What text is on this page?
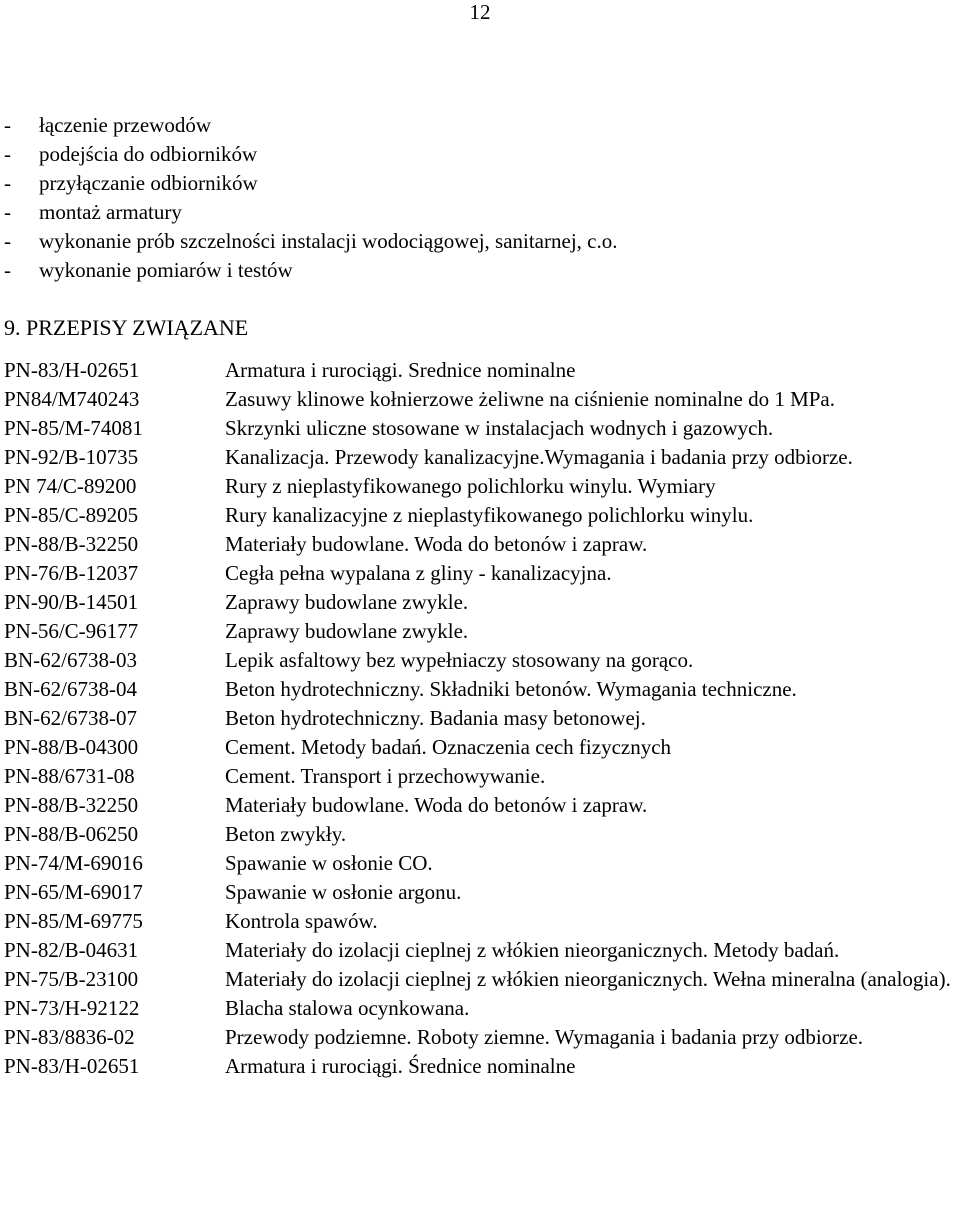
12
- łączenie przewodów
- podejścia do odbiorników
- przyłączanie odbiorników
- montaż armatury
- wykonanie prób szczelności instalacji wodociągowej, sanitarnej, c.o.
- wykonanie pomiarów i testów
9. PRZEPISY ZWIĄZANE
PN-83/H-02651	Armatura i rurociągi. Srednice nominalne
PN84/M740243	Zasuwy klinowe kołnierzowe żeliwne na ciśnienie nominalne do 1 MPa.
PN-85/M-74081	Skrzynki uliczne stosowane w instalacjach wodnych i gazowych.
PN-92/B-10735	Kanalizacja. Przewody kanalizacyjne.Wymagania i badania przy odbiorze.
PN 74/C-89200	Rury z nieplastyfikowanego polichlorku winylu. Wymiary
PN-85/C-89205	Rury kanalizacyjne z nieplastyfikowanego polichlorku winylu.
PN-88/B-32250	Materiały budowlane. Woda do betonów i zapraw.
PN-76/B-12037	Cegła pełna wypalana z gliny - kanalizacyjna.
PN-90/B-14501	Zaprawy budowlane zwykle.
PN-56/C-96177	Zaprawy budowlane zwykle.
BN-62/6738-03	Lepik asfaltowy bez wypełniaczy stosowany na gorąco.
BN-62/6738-04	Beton hydrotechniczny. Składniki betonów. Wymagania techniczne.
BN-62/6738-07	Beton hydrotechniczny. Badania masy betonowej.
PN-88/B-04300	Cement. Metody badań. Oznaczenia cech fizycznych
PN-88/6731-08	Cement. Transport i przechowywanie.
PN-88/B-32250	Materiały budowlane. Woda do betonów i zapraw.
PN-88/B-06250	Beton zwykły.
PN-74/M-69016	Spawanie w osłonie CO.
PN-65/M-69017	Spawanie w osłonie argonu.
PN-85/M-69775	Kontrola spawów.
PN-82/B-04631	Materiały do izolacji cieplnej z włókien nieorganicznych. Metody badań.
PN-75/B-23100	Materiały do izolacji cieplnej z włókien nieorganicznych. Wełna mineralna (analogia).
PN-73/H-92122	Blacha stalowa ocynkowana.
PN-83/8836-02	Przewody podziemne. Roboty ziemne. Wymagania i badania przy odbiorze.
PN-83/H-02651	Armatura i rurociągi. Średnice nominalne
